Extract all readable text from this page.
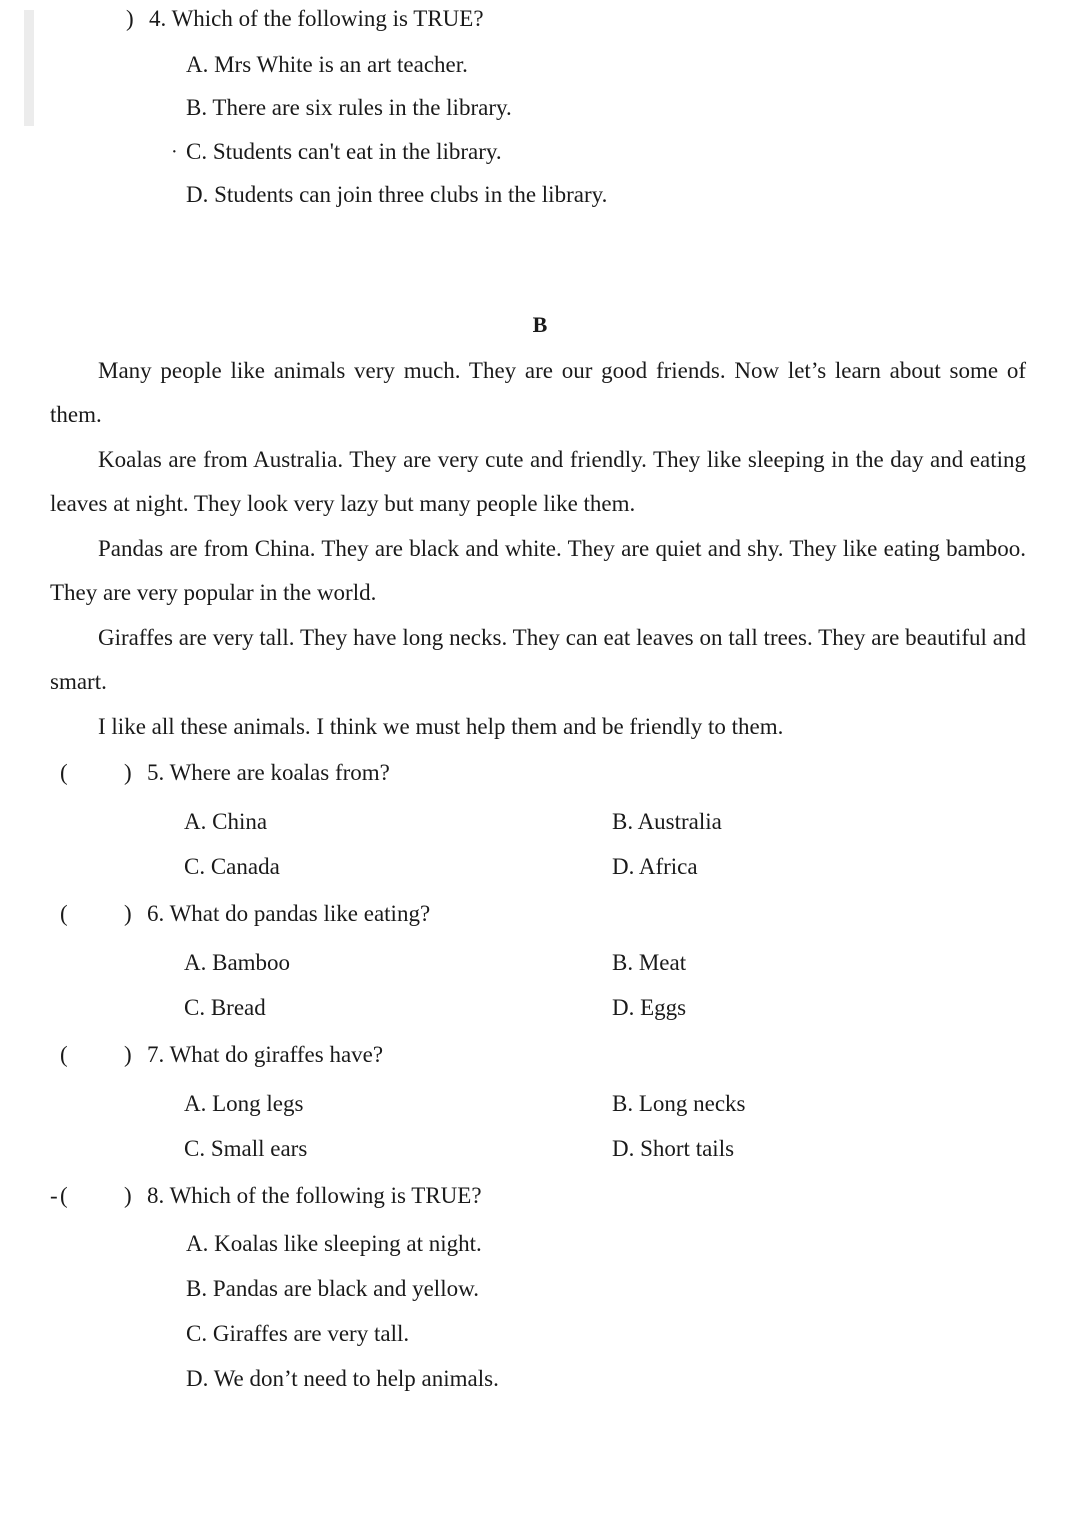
) 4. Which of the following is TRUE?
A. Mrs White is an art teacher.
B. There are six rules in the library.
· C. Students can't eat in the library.
D. Students can join three clubs in the library.
B
Many people like animals very much. They are our good friends. Now let’s learn about some of them.
Koalas are from Australia. They are very cute and friendly. They like sleeping in the day and eating leaves at night. They look very lazy but many people like them.
Pandas are from China. They are black and white. They are quiet and shy. They like eating bamboo. They are very popular in the world.
Giraffes are very tall. They have long necks. They can eat leaves on tall trees. They are beautiful and smart.
I like all these animals. I think we must help them and be friendly to them.
( ) 5. Where are koalas from?
A. China	B. Australia
C. Canada	D. Africa
( ) 6. What do pandas like eating?
A. Bamboo	B. Meat
C. Bread	D. Eggs
( ) 7. What do giraffes have?
A. Long legs	B. Long necks
C. Small ears	D. Short tails
- ( ) 8. Which of the following is TRUE?
A. Koalas like sleeping at night.
B. Pandas are black and yellow.
C. Giraffes are very tall.
D. We don’t need to help animals.
